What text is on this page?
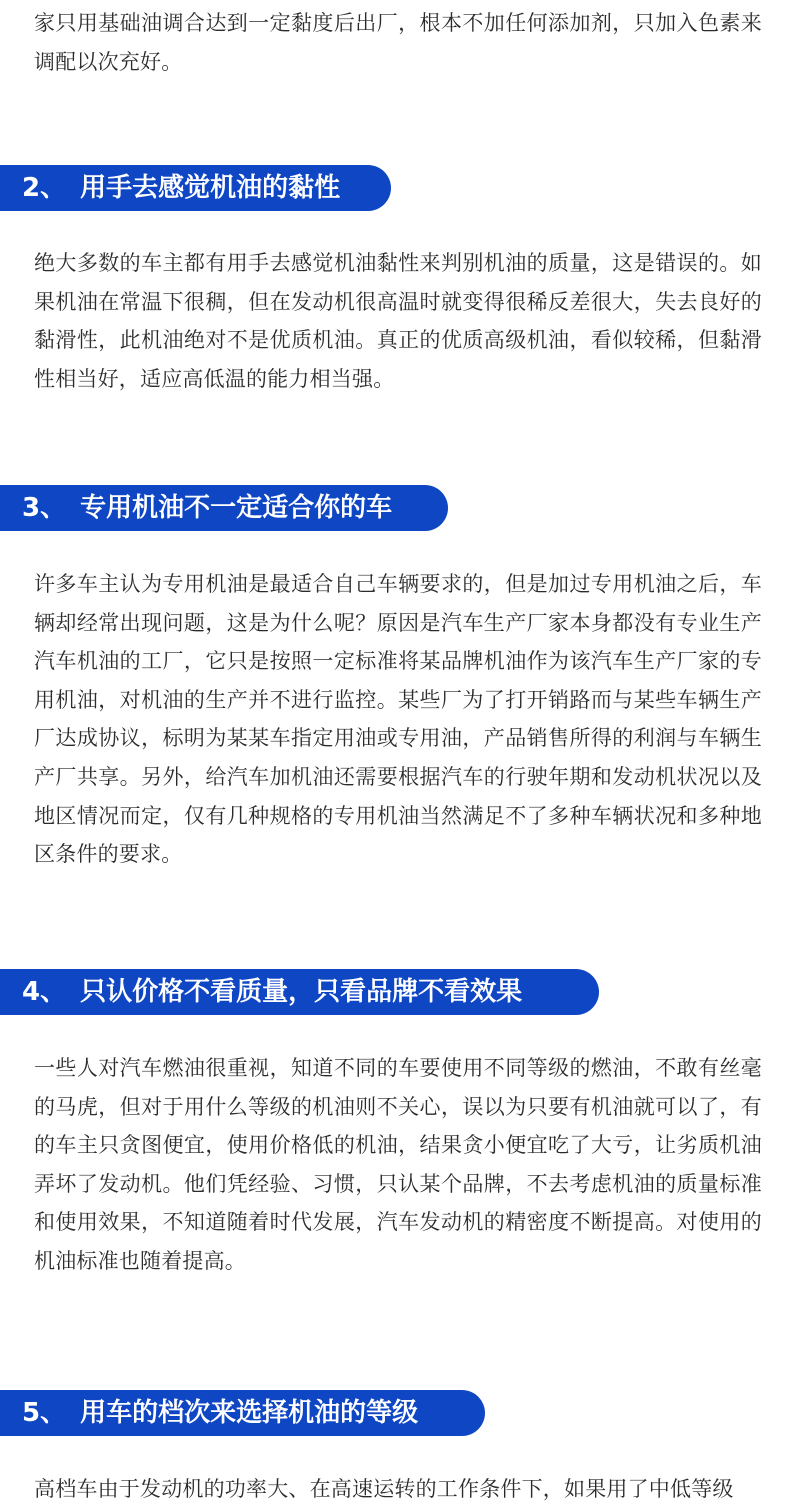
家只用基础油调合达到一定黏度后出厂，根本不加任何添加剂，只加入色素来调配以次充好。

2、 用手去感觉机油的黏性

绝大多数的车主都有用手去感觉机油黏性来判别机油的质量，这是错误的。如果机油在常温下很稠，但在发动机很高温时就变得很稀反差很大，失去良好的黏滑性，此机油绝对不是优质机油。真正的优质高级机油，看似较稀，但黏滑性相当好，适应高低温的能力相当强。

3、 专用机油不一定适合你的车

许多车主认为专用机油是最适合自己车辆要求的，但是加过专用机油之后，车辆却经常出现问题，这是为什么呢？原因是汽车生产厂家本身都没有专业生产汽车机油的工厂，它只是按照一定标准将某品牌机油作为该汽车生产厂家的专用机油，对机油的生产并不进行监控。某些厂为了打开销路而与某些车辆生产厂达成协议，标明为某某车指定用油或专用油，产品销售所得的利润与车辆生产厂共享。另外，给汽车加机油还需要根据汽车的行驶年期和发动机状况以及地区情况而定，仅有几种规格的专用机油当然满足不了多种车辆状况和多种地区条件的要求。

4、 只认价格不看质量，只看品牌不看效果

一些人对汽车燃油很重视，知道不同的车要使用不同等级的燃油，不敢有丝毫的马虎，但对于用什么等级的机油则不关心，误以为只要有机油就可以了，有的车主只贪图便宜，使用价格低的机油，结果贪小便宜吃了大亏，让劣质机油弄坏了发动机。他们凭经验、习惯，只认某个品牌，不去考虑机油的质量标准和使用效果，不知道随着时代发展，汽车发动机的精密度不断提高。对使用的机油标准也随着提高。

5、 用车的档次来选择机油的等级

高档车由于发动机的功率大、在高速运转的工作条件下，如果用了中低等级
